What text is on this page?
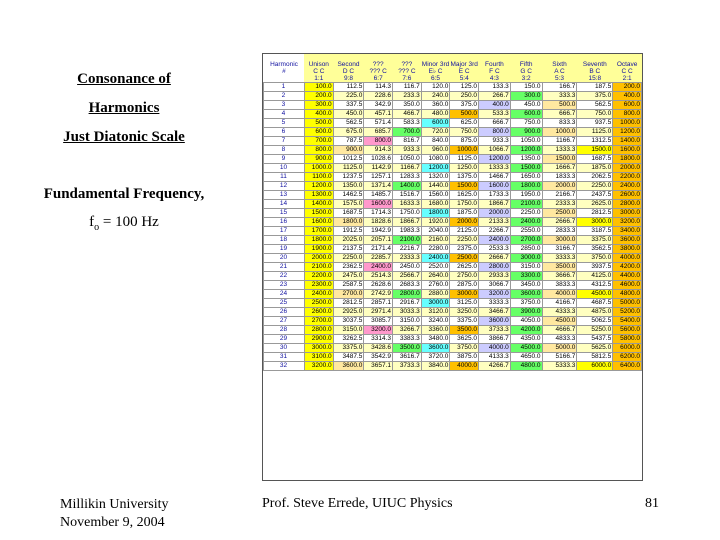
Consonance of
Harmonics
Just Diatonic Scale
Fundamental Frequency,
$f_o = 100$ Hz
Harmonic	Unison	Second	???	???	Minor 3rd	Major 3rd	Fourth	Fifth	Sixth	Seventh	Octave
#	C C	D C	??? C	??? C	E♭ C	E C	F C	G C	A C	B C	C C
	1:1	9:8	6:7	7:6	6:5	5:4	4:3	3:2	5:3	15:8	2:1
1	100.0	112.5	114.3	116.7	120.0	125.0	133.3	150.0	166.7	187.5	200.0
2	200.0	225.0	228.6	233.3	240.0	250.0	266.7	300.0	333.3	375.0	400.0
3	300.0	337.5	342.9	350.0	360.0	375.0	400.0	450.0	500.0	562.5	600.0
4	400.0	450.0	457.1	466.7	480.0	500.0	533.3	600.0	666.7	750.0	800.0
5	500.0	562.5	571.4	583.3	600.0	625.0	666.7	750.0	833.3	937.5	1000.0
6	600.0	675.0	685.7	700.0	720.0	750.0	800.0	900.0	1000.0	1125.0	1200.0
7	700.0	787.5	800.0	816.7	840.0	875.0	933.3	1050.0	1166.7	1312.5	1400.0
8	800.0	900.0	914.3	933.3	960.0	1000.0	1066.7	1200.0	1333.3	1500.0	1600.0
9	900.0	1012.5	1028.6	1050.0	1080.0	1125.0	1200.0	1350.0	1500.0	1687.5	1800.0
10	1000.0	1125.0	1142.9	1166.7	1200.0	1250.0	1333.3	1500.0	1666.7	1875.0	2000.0
11	1100.0	1237.5	1257.1	1283.3	1320.0	1375.0	1466.7	1650.0	1833.3	2062.5	2200.0
12	1200.0	1350.0	1371.4	1400.0	1440.0	1500.0	1600.0	1800.0	2000.0	2250.0	2400.0
13	1300.0	1462.5	1485.7	1516.7	1560.0	1625.0	1733.3	1950.0	2166.7	2437.5	2600.0
14	1400.0	1575.0	1600.0	1633.3	1680.0	1750.0	1866.7	2100.0	2333.3	2625.0	2800.0
15	1500.0	1687.5	1714.3	1750.0	1800.0	1875.0	2000.0	2250.0	2500.0	2812.5	3000.0
16	1600.0	1800.0	1828.6	1866.7	1920.0	2000.0	2133.3	2400.0	2666.7	3000.0	3200.0
17	1700.0	1912.5	1942.9	1983.3	2040.0	2125.0	2266.7	2550.0	2833.3	3187.5	3400.0
18	1800.0	2025.0	2057.1	2100.0	2160.0	2250.0	2400.0	2700.0	3000.0	3375.0	3600.0
19	1900.0	2137.5	2171.4	2216.7	2280.0	2375.0	2533.3	2850.0	3166.7	3562.5	3800.0
20	2000.0	2250.0	2285.7	2333.3	2400.0	2500.0	2666.7	3000.0	3333.3	3750.0	4000.0
21	2100.0	2362.5	2400.0	2450.0	2520.0	2625.0	2800.0	3150.0	3500.0	3937.5	4200.0
22	2200.0	2475.0	2514.3	2566.7	2640.0	2750.0	2933.3	3300.0	3666.7	4125.0	4400.0
23	2300.0	2587.5	2628.6	2683.3	2760.0	2875.0	3066.7	3450.0	3833.3	4312.5	4600.0
24	2400.0	2700.0	2742.9	2800.0	2880.0	3000.0	3200.0	3600.0	4000.0	4500.0	4800.0
25	2500.0	2812.5	2857.1	2916.7	3000.0	3125.0	3333.3	3750.0	4166.7	4687.5	5000.0
26	2600.0	2925.0	2971.4	3033.3	3120.0	3250.0	3466.7	3900.0	4333.3	4875.0	5200.0
27	2700.0	3037.5	3085.7	3150.0	3240.0	3375.0	3600.0	4050.0	4500.0	5062.5	5400.0
28	2800.0	3150.0	3200.0	3266.7	3360.0	3500.0	3733.3	4200.0	4666.7	5250.0	5600.0
29	2900.0	3262.5	3314.3	3383.3	3480.0	3625.0	3866.7	4350.0	4833.3	5437.5	5800.0
30	3000.0	3375.0	3428.6	3500.0	3600.0	3750.0	4000.0	4500.0	5000.0	5625.0	6000.0
31	3100.0	3487.5	3542.9	3616.7	3720.0	3875.0	4133.3	4650.0	5166.7	5812.5	6200.0
32	3200.0	3600.0	3657.1	3733.3	3840.0	4000.0	4266.7	4800.0	5333.3	6000.0	6400.0
Millikin University
November 9, 2004
Prof. Steve Errede, UIUC Physics	81
